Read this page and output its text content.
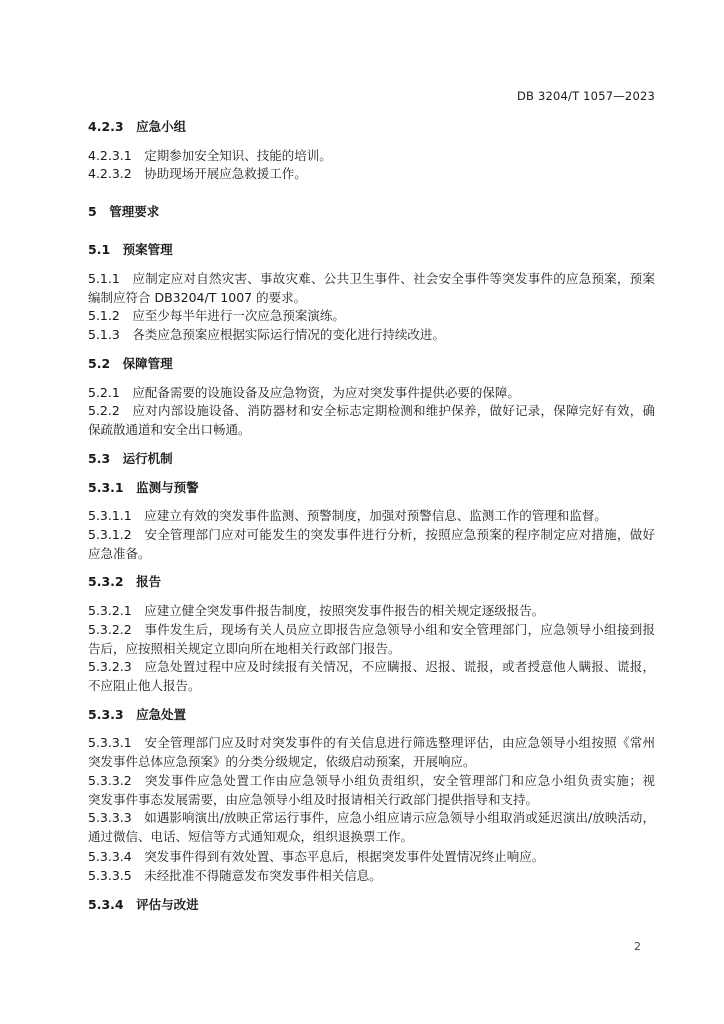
DB 3204/T 1057—2023
4.2.3 应急小组
4.2.3.1 定期参加安全知识、技能的培训。
4.2.3.2 协助现场开展应急救援工作。
5 管理要求
5.1 预案管理
5.1.1 应制定应对自然灾害、事故灾难、公共卫生事件、社会安全事件等突发事件的应急预案，预案
编制应符合 DB3204/T 1007 的要求。
5.1.2 应至少每半年进行一次应急预案演练。
5.1.3 各类应急预案应根据实际运行情况的变化进行持续改进。
5.2 保障管理
5.2.1 应配备需要的设施设备及应急物资，为应对突发事件提供必要的保障。
5.2.2 应对内部设施设备、消防器材和安全标志定期检测和维护保养，做好记录，保障完好有效，确
保疏散通道和安全出口畅通。
5.3 运行机制
5.3.1 监测与预警
5.3.1.1 应建立有效的突发事件监测、预警制度，加强对预警信息、监测工作的管理和监督。
5.3.1.2 安全管理部门应对可能发生的突发事件进行分析，按照应急预案的程序制定应对措施，做好
应急准备。
5.3.2 报告
5.3.2.1 应建立健全突发事件报告制度，按照突发事件报告的相关规定逐级报告。
5.3.2.2 事件发生后，现场有关人员应立即报告应急领导小组和安全管理部门，应急领导小组接到报
告后，应按照相关规定立即向所在地相关行政部门报告。
5.3.2.3 应急处置过程中应及时续报有关情况，不应瞒报、迟报、谎报，或者授意他人瞒报、谎报，
不应阻止他人报告。
5.3.3 应急处置
5.3.3.1 安全管理部门应及时对突发事件的有关信息进行筛选整理评估，由应急领导小组按照《常州
突发事件总体应急预案》的分类分级规定，依级启动预案，开展响应。
5.3.3.2 突发事件应急处置工作由应急领导小组负责组织，安全管理部门和应急小组负责实施；视
突发事件事态发展需要，由应急领导小组及时报请相关行政部门提供指导和支持。
5.3.3.3 如遇影响演出/放映正常运行事件，应急小组应请示应急领导小组取消或延迟演出/放映活动，
通过微信、电话、短信等方式通知观众，组织退换票工作。
5.3.3.4 突发事件得到有效处置、事态平息后，根据突发事件处置情况终止响应。
5.3.3.5 未经批准不得随意发布突发事件相关信息。
5.3.4 评估与改进
2
